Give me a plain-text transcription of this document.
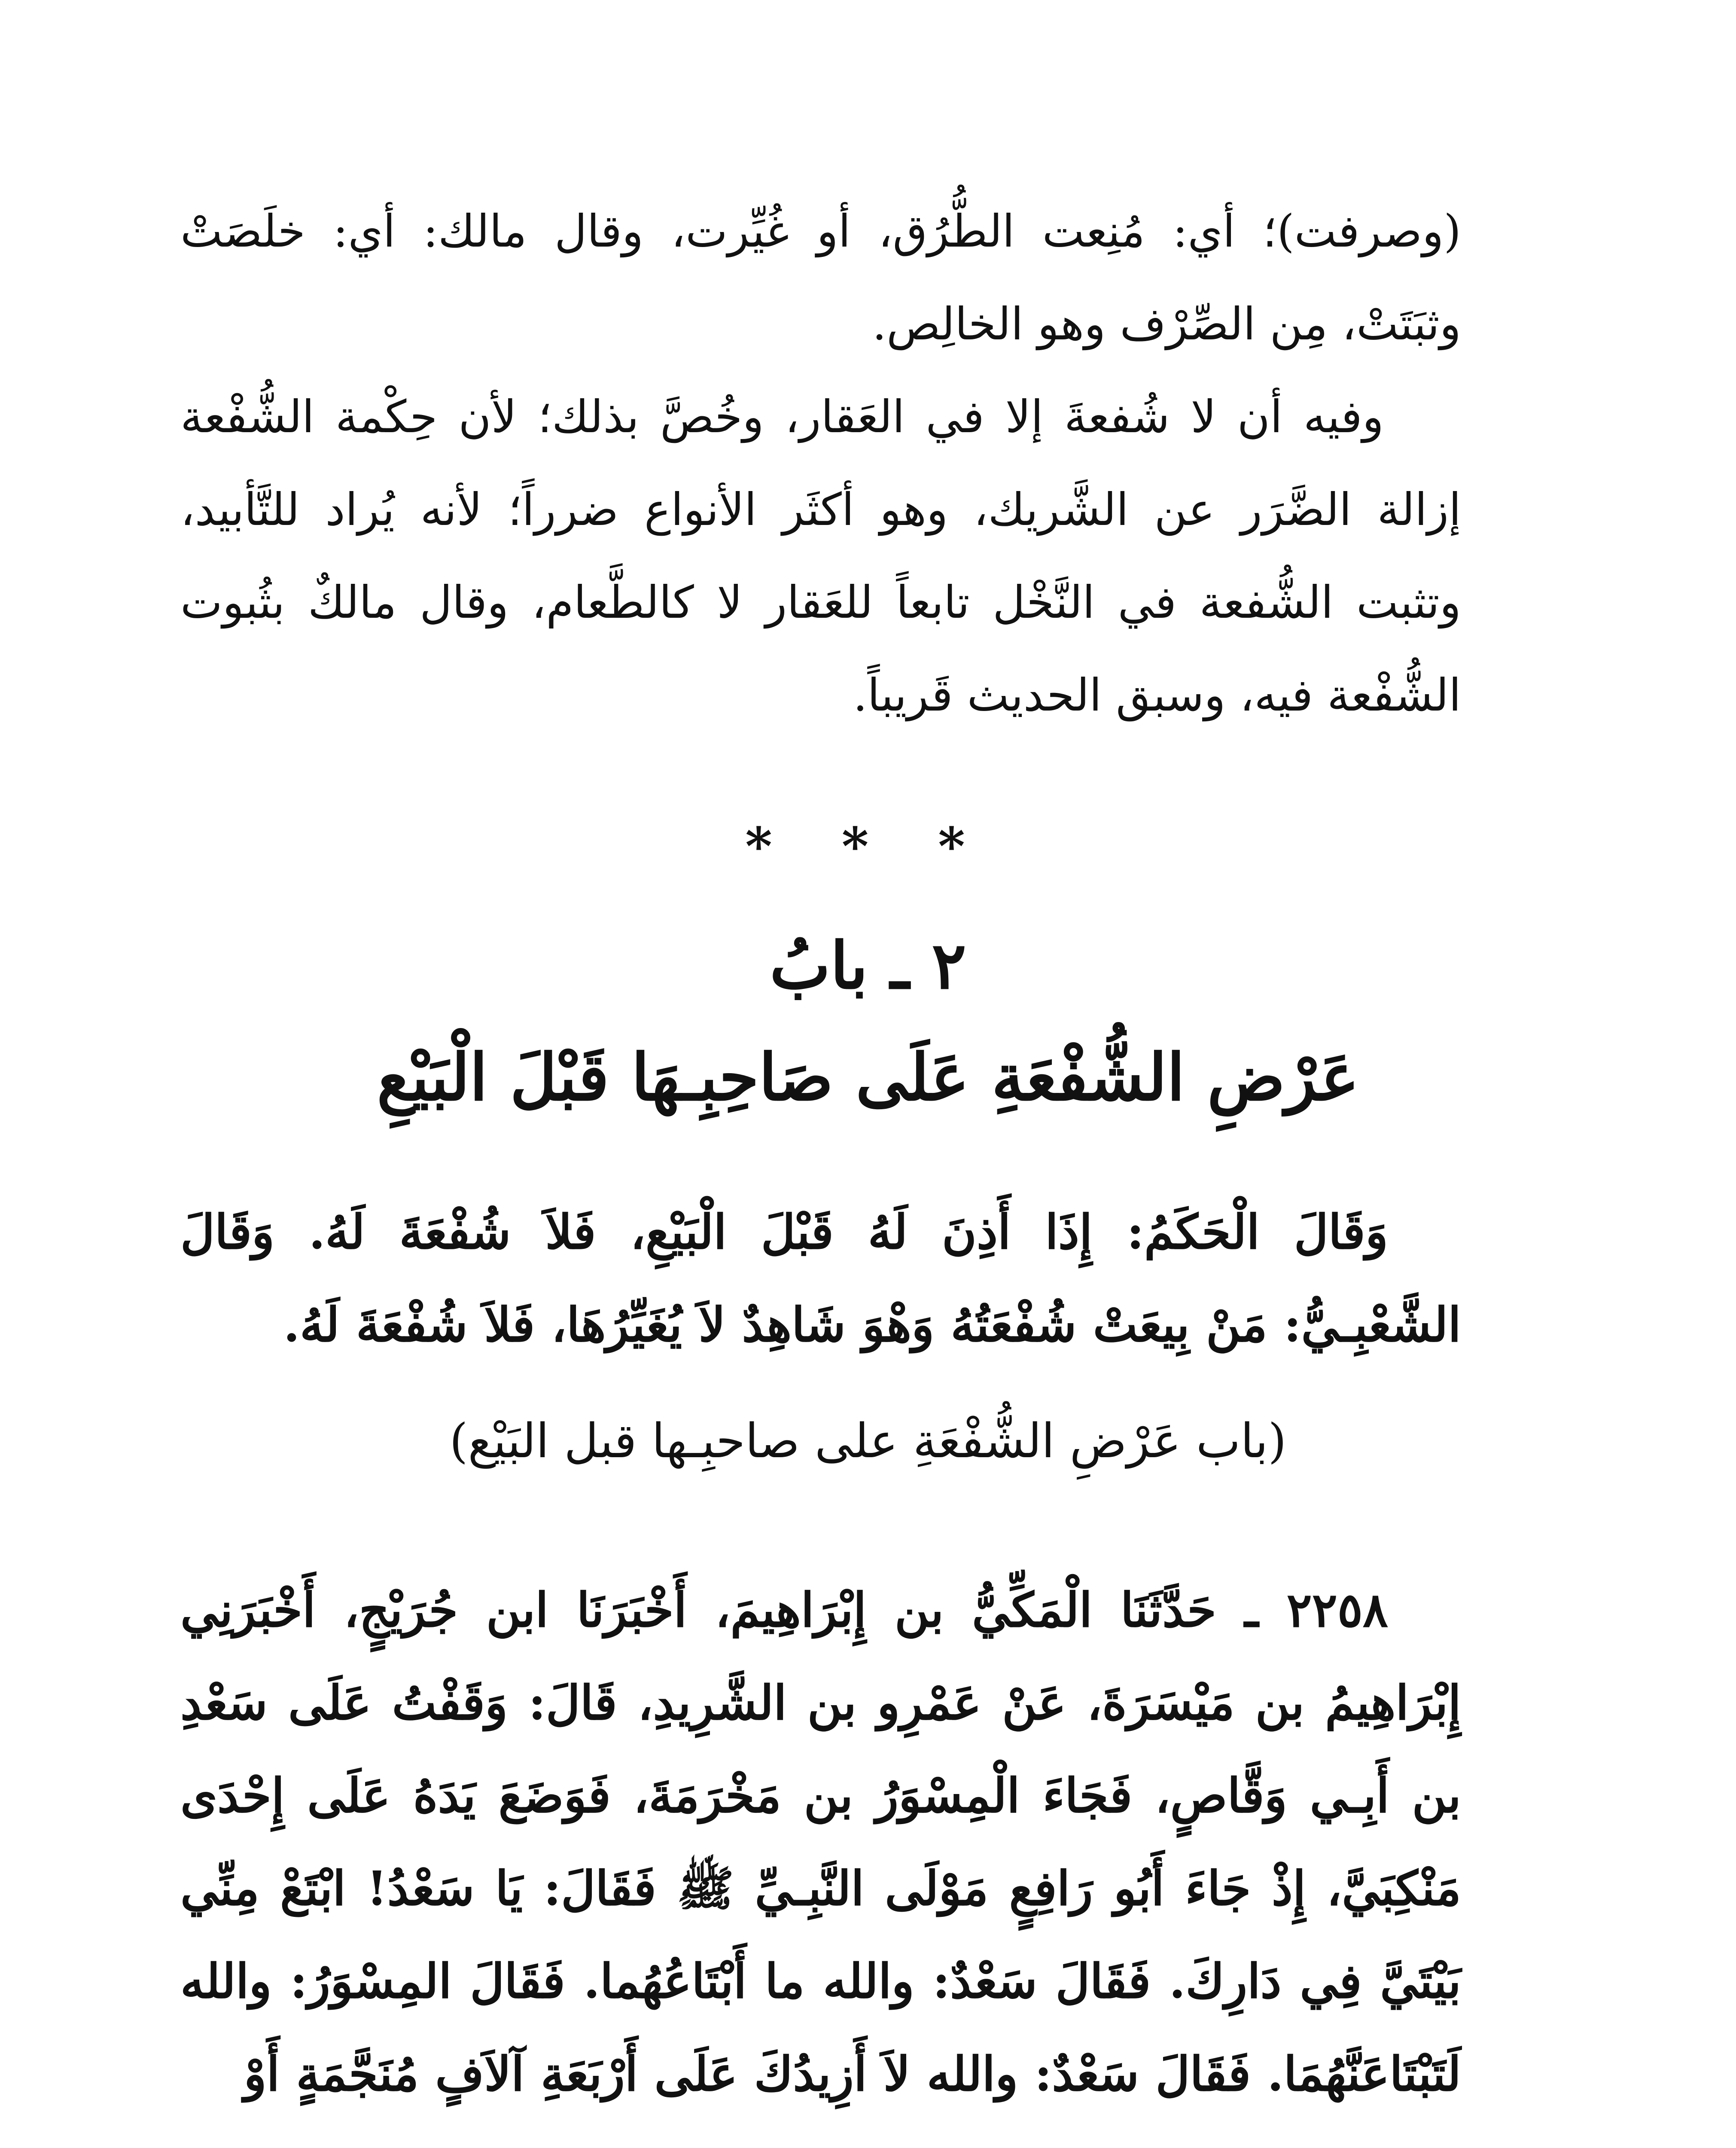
(وصرفت)؛ أي: مُنِعت الطُّرُق، أو غُيِّرت، وقال مالك: أي: خلَصَتْ وثبَتَتْ، مِن الصِّرْف وهو الخالِص.

وفيه أن لا شُفعةَ إلا في العَقار، وخُصَّ بذلك؛ لأن حِكْمة الشُّفْعة إزالة الضَّرَر عن الشَّريك، وهو أكثَر الأنواع ضرراً؛ لأنه يُراد للتَّأبيد، وتثبت الشُّفعة في النَّخْل تابعاً للعَقار لا كالطَّعام، وقال مالكٌ بثُبوت الشُّفْعة فيه، وسبق الحديث قَريباً.

* * *
٢ ـ بابُ
عَرْضِ الشُّفْعَةِ عَلَى صَاحِبِـهَا قَبْلَ الْبَيْعِ

وَقَالَ الْحَكَمُ: إِذَا أَذِنَ لَهُ قَبْلَ الْبَيْعِ، فَلاَ شُفْعَةَ لَهُ. وَقَالَ الشَّعْبِـيُّ: مَنْ بِيعَتْ شُفْعَتُهُ وَهْوَ شَاهِدٌ لاَ يُغَيِّرُهَا، فَلاَ شُفْعَةَ لَهُ.

(باب عَرْضِ الشُّفْعَةِ على صاحبِـها قبل البَيْع)

٢٢٥٨ ـ حَدَّثَنَا الْمَكِّيُّ بن إِبْرَاهِيمَ، أَخْبَرَنَا ابن جُرَيْجٍ، أَخْبَرَنِي إِبْرَاهِيمُ بن مَيْسَرَةَ، عَنْ عَمْرِو بن الشَّرِيدِ، قَالَ: وَقَفْتُ عَلَى سَعْدِ بن أَبِـي وَقَّاصٍ، فَجَاءَ الْمِسْوَرُ بن مَخْرَمَةَ، فَوَضَعَ يَدَهُ عَلَى إِحْدَى مَنْكِبَيَّ، إِذْ جَاءَ أَبُو رَافِعٍ مَوْلَى النَّبِـيِّ ﷺ فَقَالَ: يَا سَعْدُ! ابْتَعْ مِنِّي بَيْتَيَّ فِي دَارِكَ. فَقَالَ سَعْدٌ: والله ما أَبْتَاعُهُما. فَقَالَ المِسْوَرُ: والله لَتَبْتَاعَنَّهُمَا. فَقَالَ سَعْدٌ: والله لاَ أَزِيدُكَ عَلَى أَرْبَعَةِ آلاَفٍ مُنَجَّمَةٍ أَوْ
